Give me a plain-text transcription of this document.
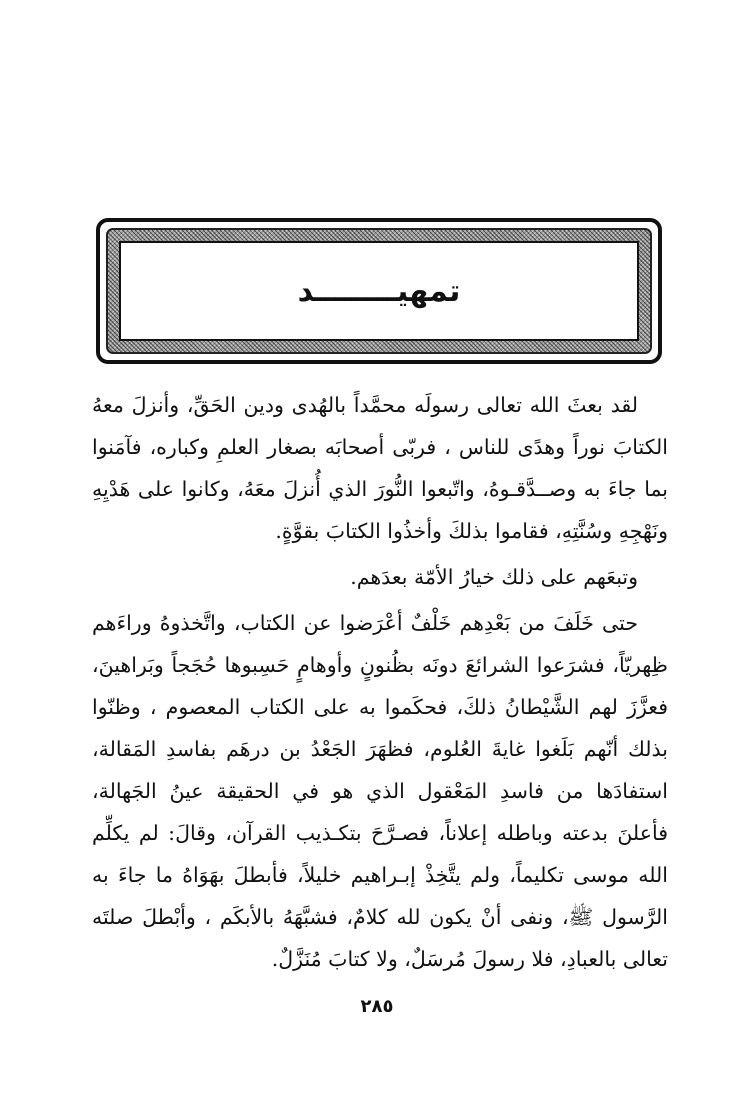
تمهيــــــــد

لقد بعثَ الله تعالى رسولَه محمَّداً بالهُدى ودين الحَقِّ، وأنزلَ معهُ الكتابَ نوراً وهدًى للناس ، فربّى أصحابَه بصغار العلمِ وكباره، فآمَنوا بما جاءَ به وصــدَّقـوهُ، واتّبعوا النُّورَ الذي أُنزلَ معَهُ، وكانوا على هَدْيِهِ ونَهْجِهِ وسُنَّتِهِ، فقاموا بذلكَ وأخذُوا الكتابَ بقوَّةٍ.

وتبعَهم على ذلك خيارُ الأمّة بعدَهم.

حتى خَلَفَ من بَعْدِهم خَلْفٌ أعْرَضوا عن الكتاب، واتَّخذوهُ وراءَهم ظِهريّاً، فشرَعوا الشرائعَ دونَه بظُنونٍ وأوهامٍ حَسِبوها حُجَجاً وبَراهينَ، فعزَّزَ لهم الشَّيْطانُ ذلكَ، فحكَموا به على الكتاب المعصوم ، وظنّوا بذلك أنّهم بَلَغوا غايةَ العُلوم، فظهَرَ الجَعْدُ بن درهَم بفاسدِ المَقالة، استفادَها من فاسدِ المَعْقول الذي هو في الحقيقة عينُ الجَهالة، فأعلنَ بدعته وباطله إعلاناً، فصـرَّحَ بتكـذيب القرآن، وقالَ: لم يكلِّم الله موسى تكليماً، ولم يتَّخِذْ إبـراهيم خليلاً، فأبطلَ بهَوَاهُ ما جاءَ به الرَّسول ﷺ، ونفى أنْ يكون لله كلامٌ، فشبَّهَهُ بالأبكَم ، وأبْطلَ صلتَه تعالى بالعبادِ، فلا رسولَ مُرسَلٌ، ولا كتابَ مُنَزَّلٌ.

٢٨٥
